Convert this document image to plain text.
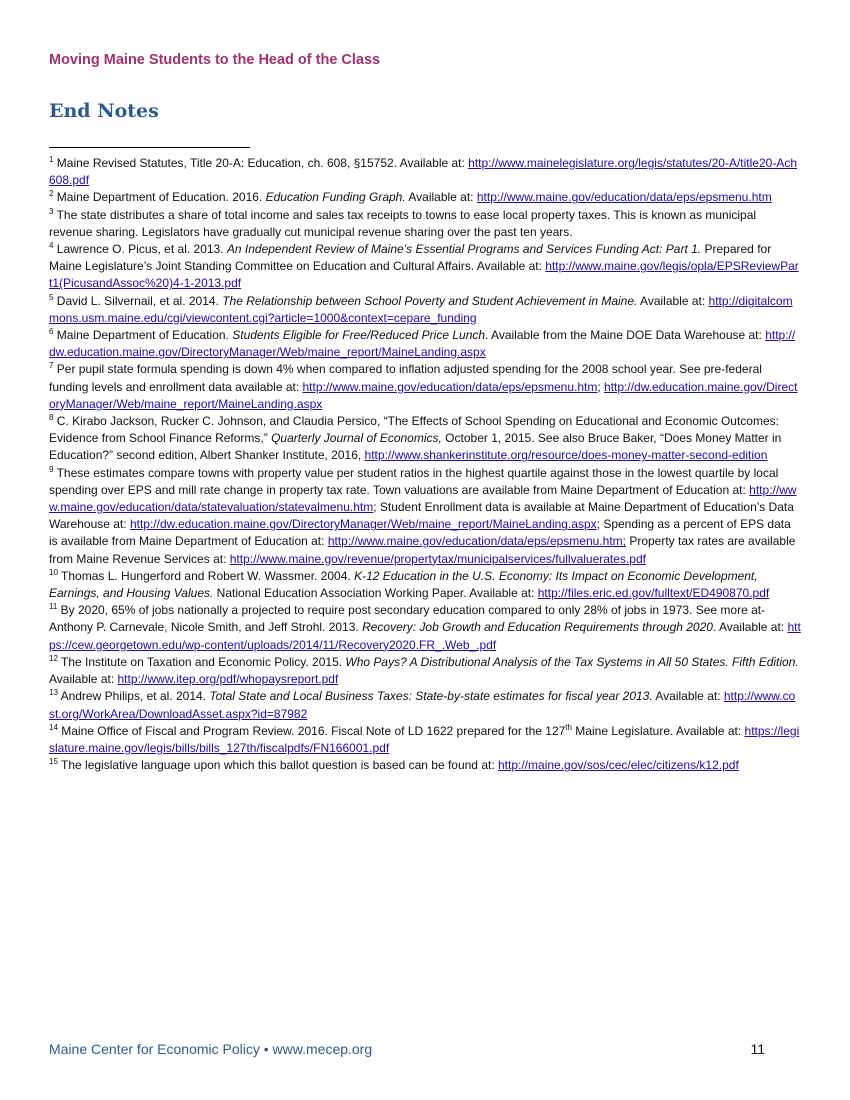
Moving Maine Students to the Head of the Class
End Notes

$^1$ Maine Revised Statutes, Title 20-A: Education, ch. 608, §15752. Available at: http://www.mainelegislature.org/legis/statutes/20-A/title20-Ach608.pdf

$^2$ Maine Department of Education. 2016. Education Funding Graph. Available at: http://www.maine.gov/education/data/eps/epsmenu.htm

$^3$ The state distributes a share of total income and sales tax receipts to towns to ease local property taxes. This is known as municipal revenue sharing. Legislators have gradually cut municipal revenue sharing over the past ten years.

$^4$ Lawrence O. Picus, et al. 2013. An Independent Review of Maine’s Essential Programs and Services Funding Act: Part 1. Prepared for Maine Legislature’s Joint Standing Committee on Education and Cultural Affairs. Available at: http://www.maine.gov/legis/opla/EPSReviewPart1(PicusandAssoc%20)4-1-2013.pdf

$^5$ David L. Silvernail, et al. 2014. The Relationship between School Poverty and Student Achievement in Maine. Available at: http://digitalcommons.usm.maine.edu/cgi/viewcontent.cgi?article=1000&context=cepare_funding

$^6$ Maine Department of Education. Students Eligible for Free/Reduced Price Lunch. Available from the Maine DOE Data Warehouse at: http://dw.education.maine.gov/DirectoryManager/Web/maine_report/MaineLanding.aspx

$^7$ Per pupil state formula spending is down 4% when compared to inflation adjusted spending for the 2008 school year. See pre-federal funding levels and enrollment data available at: http://www.maine.gov/education/data/eps/epsmenu.htm; http://dw.education.maine.gov/DirectoryManager/Web/maine_report/MaineLanding.aspx

$^8$ C. Kirabo Jackson, Rucker C. Johnson, and Claudia Persico, “The Effects of School Spending on Educational and Economic Outcomes: Evidence from School Finance Reforms,” Quarterly Journal of Economics, October 1, 2015. See also Bruce Baker, “Does Money Matter in Education?” second edition, Albert Shanker Institute, 2016, http://www.shankerinstitute.org/resource/does-money-matter-second-edition

$^9$ These estimates compare towns with property value per student ratios in the highest quartile against those in the lowest quartile by local spending over EPS and mill rate change in property tax rate. Town valuations are available from Maine Department of Education at: http://www.maine.gov/education/data/statevaluation/statevalmenu.htm; Student Enrollment data is available at Maine Department of Education’s Data Warehouse at: http://dw.education.maine.gov/DirectoryManager/Web/maine_report/MaineLanding.aspx; Spending as a percent of EPS data is available from Maine Department of Education at: http://www.maine.gov/education/data/eps/epsmenu.htm; Property tax rates are available from Maine Revenue Services at: http://www.maine.gov/revenue/propertytax/municipalservices/fullvaluerates.pdf

$^{10}$ Thomas L. Hungerford and Robert W. Wassmer. 2004. K-12 Education in the U.S. Economy: Its Impact on Economic Development, Earnings, and Housing Values. National Education Association Working Paper. Available at: http://files.eric.ed.gov/fulltext/ED490870.pdf

$^{11}$ By 2020, 65% of jobs nationally a projected to require post secondary education compared to only 28% of jobs in 1973. See more at- Anthony P. Carnevale, Nicole Smith, and Jeff Strohl. 2013. Recovery: Job Growth and Education Requirements through 2020. Available at: https://cew.georgetown.edu/wp-content/uploads/2014/11/Recovery2020.FR_.Web_.pdf

$^{12}$ The Institute on Taxation and Economic Policy. 2015. Who Pays? A Distributional Analysis of the Tax Systems in All 50 States. Fifth Edition. Available at: http://www.itep.org/pdf/whopaysreport.pdf

$^{13}$ Andrew Philips, et al. 2014. Total State and Local Business Taxes: State-by-state estimates for fiscal year 2013. Available at: http://www.cost.org/WorkArea/DownloadAsset.aspx?id=87982

$^{14}$ Maine Office of Fiscal and Program Review. 2016. Fiscal Note of LD 1622 prepared for the 127th Maine Legislature. Available at: https://legislature.maine.gov/legis/bills/bills_127th/fiscalpdfs/FN166001.pdf

$^{15}$ The legislative language upon which this ballot question is based can be found at: http://maine.gov/sos/cec/elec/citizens/k12.pdf

Maine Center for Economic Policy • www.mecep.org	11
